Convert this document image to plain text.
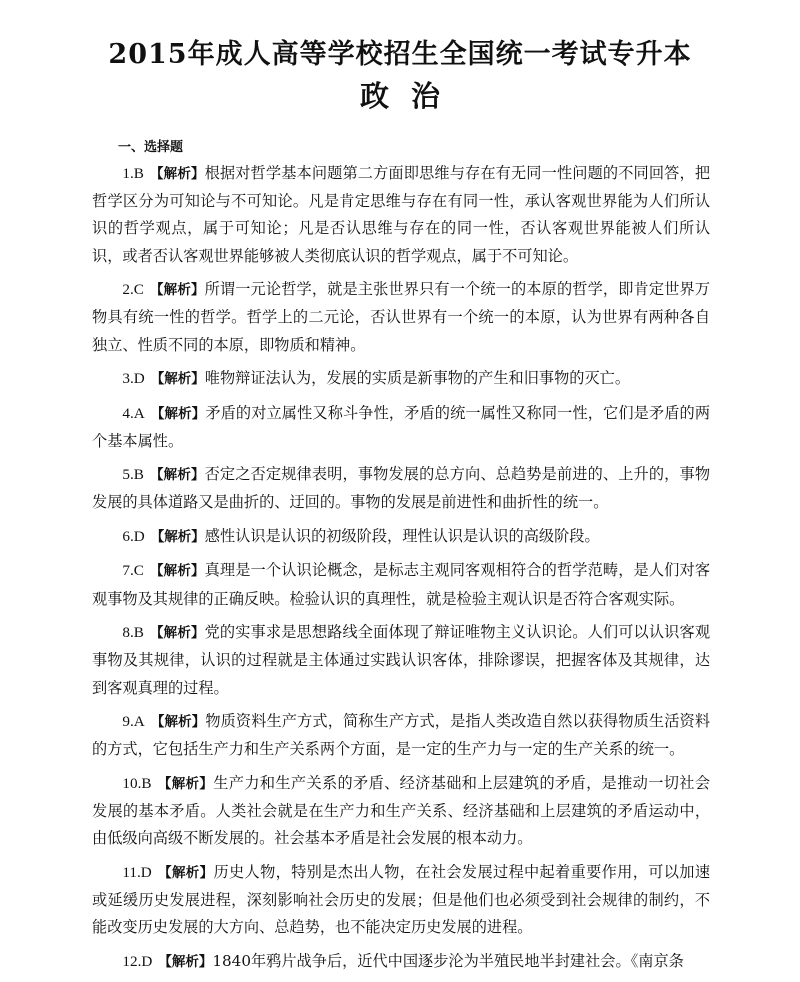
2015年成人高等学校招生全国统一考试专升本
政治
一、选择题

1.B 【解析】根据对哲学基本问题第二方面即思维与存在有无同一性问题的不同回答，把哲学区分为可知论与不可知论。凡是肯定思维与存在有同一性，承认客观世界能为人们所认识的哲学观点，属于可知论；凡是否认思维与存在的同一性，否认客观世界能被人们所认识，或者否认客观世界能够被人类彻底认识的哲学观点，属于不可知论。

2.C 【解析】所谓一元论哲学，就是主张世界只有一个统一的本原的哲学，即肯定世界万物具有统一性的哲学。哲学上的二元论，否认世界有一个统一的本原，认为世界有两种各自独立、性质不同的本原，即物质和精神。

3.D 【解析】唯物辩证法认为，发展的实质是新事物的产生和旧事物的灭亡。

4.A 【解析】矛盾的对立属性又称斗争性，矛盾的统一属性又称同一性，它们是矛盾的两个基本属性。

5.B 【解析】否定之否定规律表明，事物发展的总方向、总趋势是前进的、上升的，事物发展的具体道路又是曲折的、迂回的。事物的发展是前进性和曲折性的统一。

6.D 【解析】感性认识是认识的初级阶段，理性认识是认识的高级阶段。

7.C 【解析】真理是一个认识论概念，是标志主观同客观相符合的哲学范畴，是人们对客观事物及其规律的正确反映。检验认识的真理性，就是检验主观认识是否符合客观实际。

8.B 【解析】党的实事求是思想路线全面体现了辩证唯物主义认识论。人们可以认识客观事物及其规律，认识的过程就是主体通过实践认识客体，排除谬误，把握客体及其规律，达到客观真理的过程。

9.A 【解析】物质资料生产方式，简称生产方式，是指人类改造自然以获得物质生活资料的方式，它包括生产力和生产关系两个方面，是一定的生产力与一定的生产关系的统一。

10.B 【解析】生产力和生产关系的矛盾、经济基础和上层建筑的矛盾，是推动一切社会发展的基本矛盾。人类社会就是在生产力和生产关系、经济基础和上层建筑的矛盾运动中，由低级向高级不断发展的。社会基本矛盾是社会发展的根本动力。

11.D 【解析】历史人物，特别是杰出人物，在社会发展过程中起着重要作用，可以加速或延缓历史发展进程，深刻影响社会历史的发展；但是他们也必须受到社会规律的制约，不能改变历史发展的大方向、总趋势，也不能决定历史发展的进程。

12.D 【解析】1840年鸦片战争后，近代中国逐步沦为半殖民地半封建社会。《南京条
